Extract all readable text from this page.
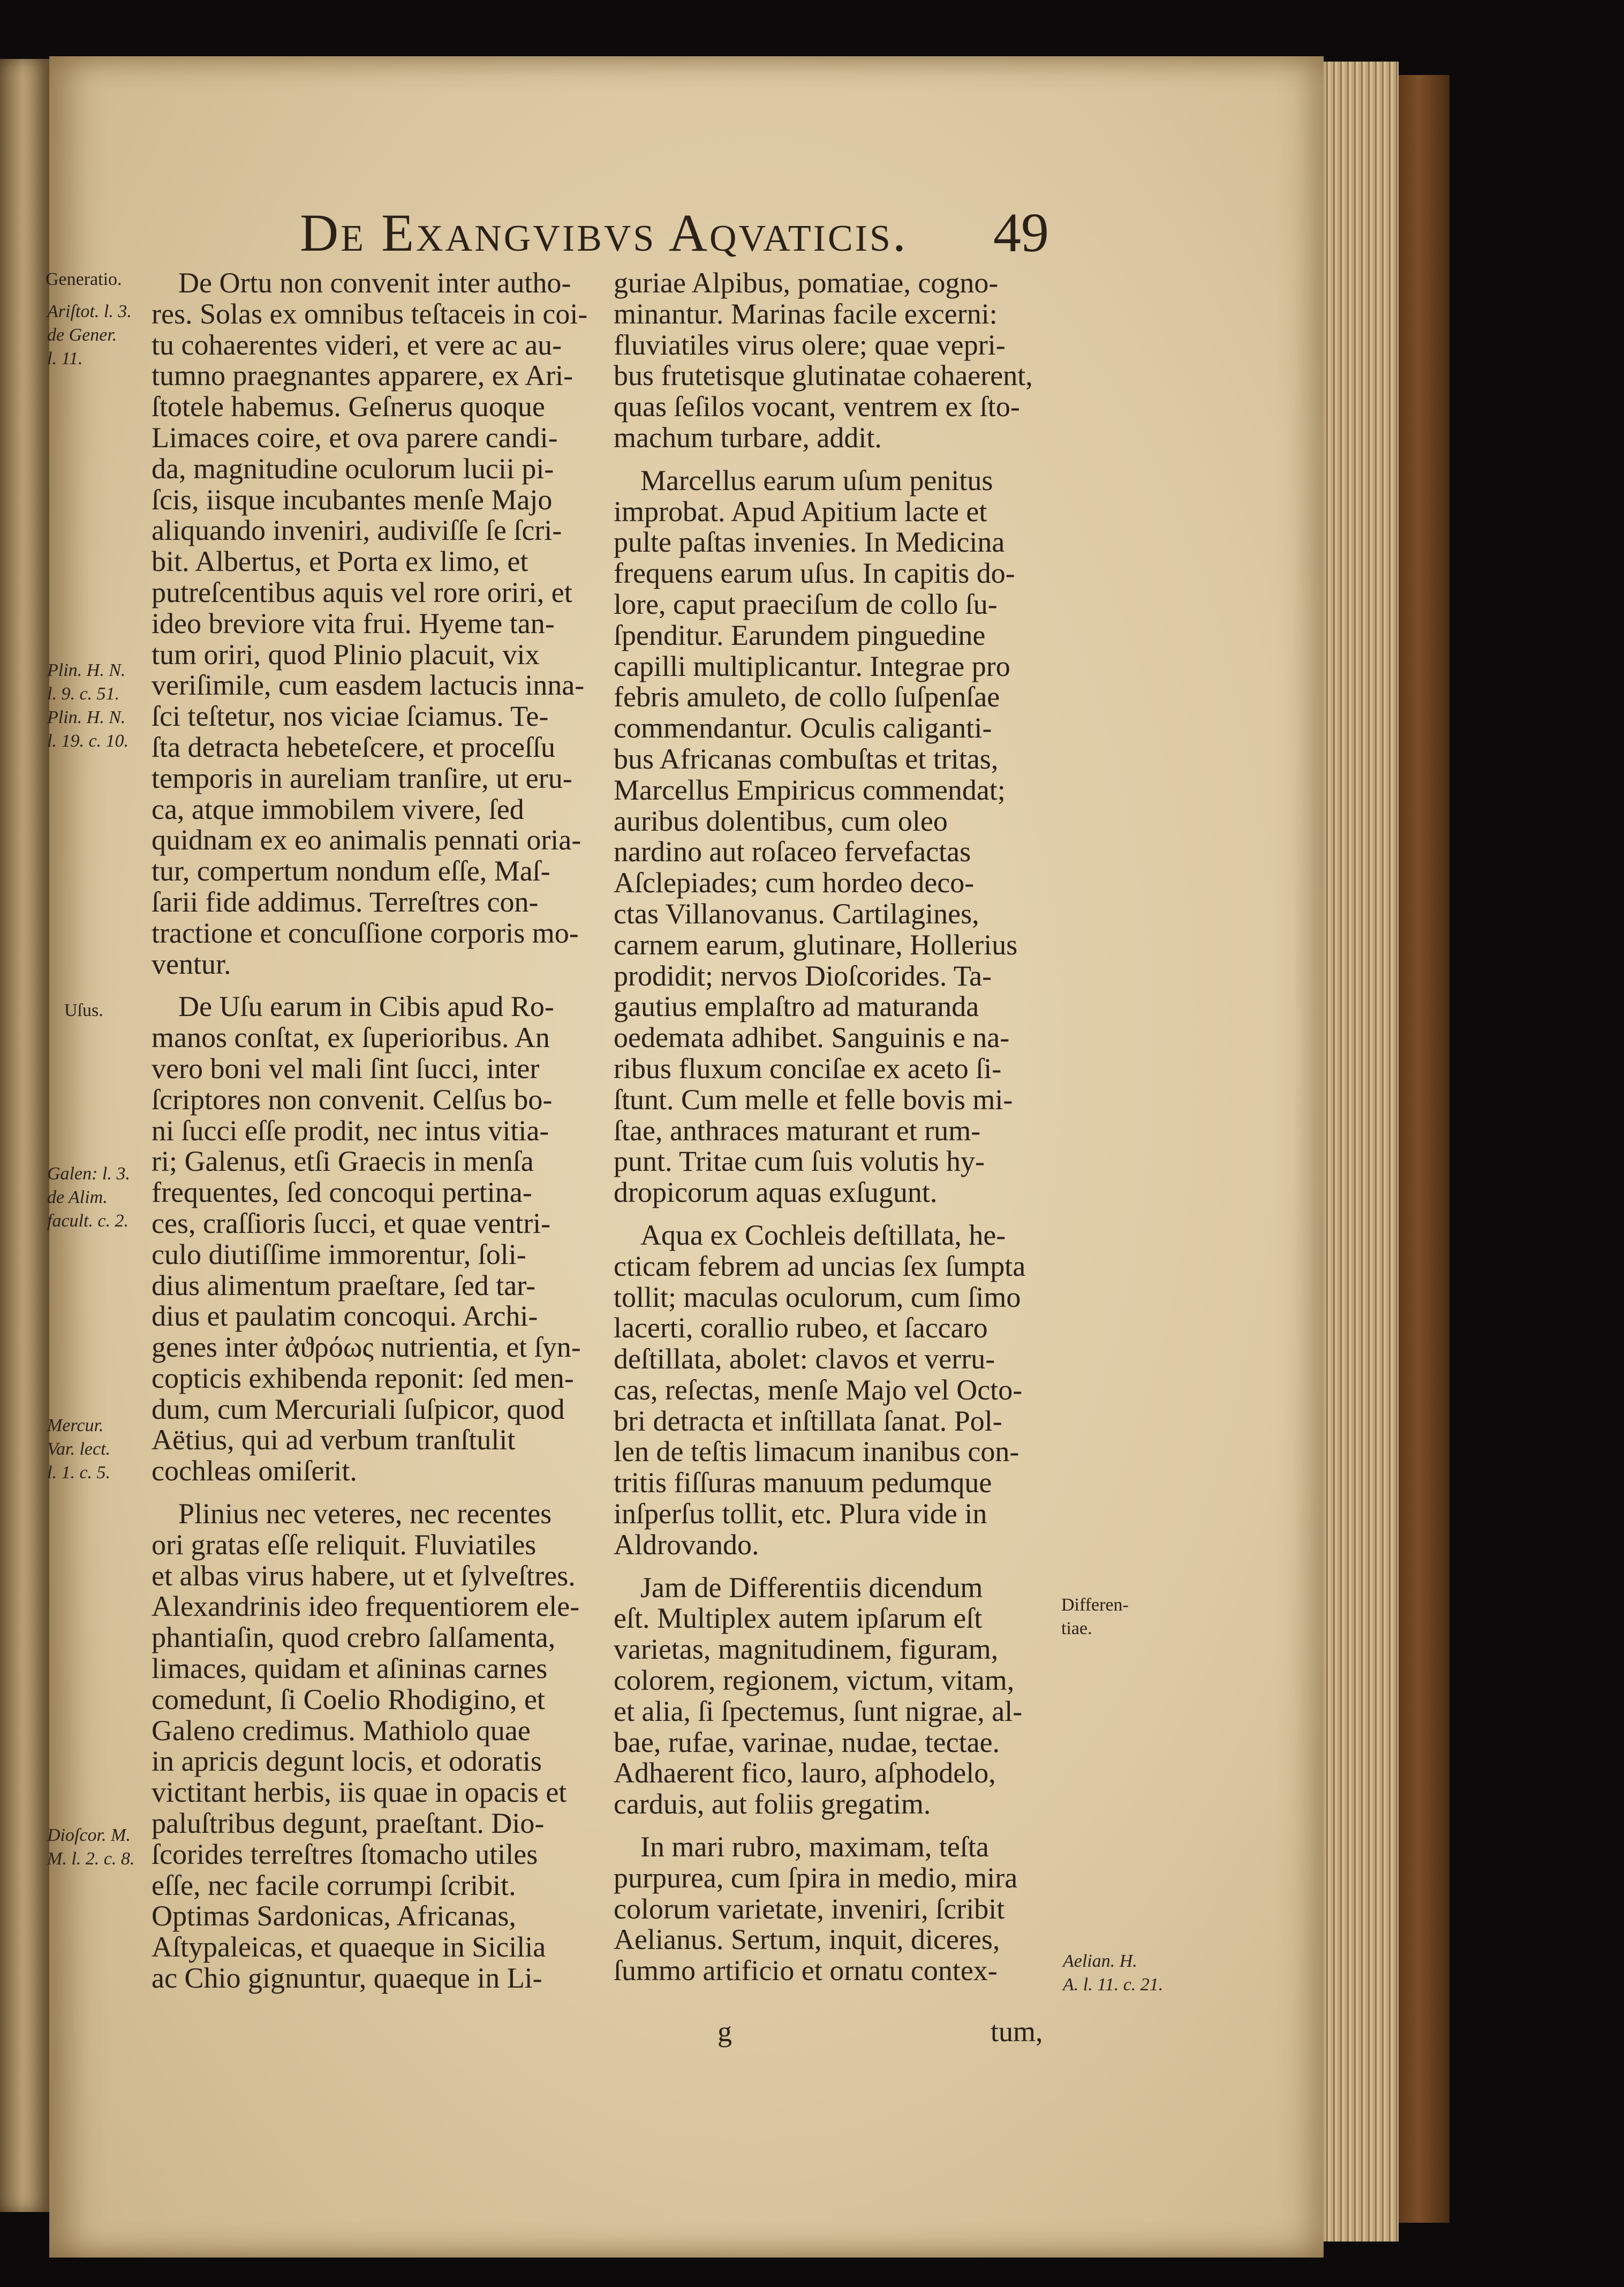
De Exangvibvs Aqvaticis. 49
De Ortu non convenit inter autho-
res. Solas ex omnibus teſtaceis in coi-
tu cohaerentes videri, et vere ac au-
tumno praegnantes apparere, ex Ari-
ſtotele habemus. Geſnerus quoque
Limaces coire, et ova parere candi-
da, magnitudine oculorum lucii pi-
ſcis, iisque incubantes menſe Majo
aliquando inveniri, audiviſſe ſe ſcri-
bit. Albertus, et Porta ex limo, et
putreſcentibus aquis vel rore oriri, et
ideo breviore vita frui. Hyeme tan-
tum oriri, quod Plinio placuit, vix
veriſimile, cum easdem lactucis inna-
ſci teſtetur, nos viciae ſciamus. Te-
ſta detracta hebeteſcere, et proceſſu
temporis in aureliam tranſire, ut eru-
ca, atque immobilem vivere, ſed
quidnam ex eo animalis pennati oria-
tur, compertum nondum eſſe, Maſ-
ſarii fide addimus. Terreſtres con-
tractione et concuſſione corporis mo-
ventur.
De Uſu earum in Cibis apud Ro-
manos conſtat, ex ſuperioribus. An
vero boni vel mali ſint ſucci, inter
ſcriptores non convenit. Celſus bo-
ni ſucci eſſe prodit, nec intus vitia-
ri; Galenus, etſi Graecis in menſa
frequentes, ſed concoqui pertina-
ces, craſſioris ſucci, et quae ventri-
culo diutiſſime immorentur, ſoli-
dius alimentum praeſtare, ſed tar-
dius et paulatim concoqui. Archi-
genes inter ἀϑρόως nutrientia, et ſyn-
copticis exhibenda reponit: ſed men-
dum, cum Mercuriali ſuſpicor, quod
Aëtius, qui ad verbum tranſtulit
cochleas omiſerit.
Plinius nec veteres, nec recentes
ori gratas eſſe reliquit. Fluviatiles
et albas virus habere, ut et ſylveſtres.
Alexandrinis ideo frequentiorem ele-
phantiaſin, quod crebro ſalſamenta,
limaces, quidam et aſininas carnes
comedunt, ſi Coelio Rhodigino, et
Galeno credimus. Mathiolo quae
in apricis degunt locis, et odoratis
victitant herbis, iis quae in opacis et
paluſtribus degunt, praeſtant. Dio-
ſcorides terreſtres ſtomacho utiles
eſſe, nec facile corrumpi ſcribit.
Optimas Sardonicas, Africanas,
Aſtypaleicas, et quaeque in Sicilia
ac Chio gignuntur, quaeque in Li-
guriae Alpibus, pomatiae, cogno-
minantur. Marinas facile excerni:
fluviatiles virus olere; quae vepri-
bus frutetisque glutinatae cohaerent,
quas ſeſilos vocant, ventrem ex ſto-
machum turbare, addit.
Marcellus earum uſum penitus
improbat. Apud Apitium lacte et
pulte paſtas invenies. In Medicina
frequens earum uſus. In capitis do-
lore, caput praeciſum de collo ſu-
ſpenditur. Earundem pinguedine
capilli multiplicantur. Integrae pro
febris amuleto, de collo ſuſpenſae
commendantur. Oculis caliganti-
bus Africanas combuſtas et tritas,
Marcellus Empiricus commendat;
auribus dolentibus, cum oleo
nardino aut roſaceo fervefactas
Aſclepiades; cum hordeo deco-
ctas Villanovanus. Cartilagines,
carnem earum, glutinare, Hollerius
prodidit; nervos Dioſcorides. Ta-
gautius emplaſtro ad maturanda
oedemata adhibet. Sanguinis e na-
ribus fluxum conciſae ex aceto ſi-
ſtunt. Cum melle et felle bovis mi-
ſtae, anthraces maturant et rum-
punt. Tritae cum ſuis volutis hy-
dropicorum aquas exſugunt.
Aqua ex Cochleis deſtillata, he-
cticam febrem ad uncias ſex ſumpta
tollit; maculas oculorum, cum ſimo
lacerti, corallio rubeo, et ſaccaro
deſtillata, abolet: clavos et verru-
cas, reſectas, menſe Majo vel Octo-
bri detracta et inſtillata ſanat. Pol-
len de teſtis limacum inanibus con-
tritis fiſſuras manuum pedumque
inſperſus tollit, etc. Plura vide in
Aldrovando.
Jam de Differentiis dicendum
eſt. Multiplex autem ipſarum eſt
varietas, magnitudinem, figuram,
colorem, regionem, victum, vitam,
et alia, ſi ſpectemus, ſunt nigrae, al-
bae, rufae, varinae, nudae, tectae.
Adhaerent fico, lauro, aſphodelo,
carduis, aut foliis gregatim.
In mari rubro, maximam, teſta
purpurea, cum ſpira in medio, mira
colorum varietate, inveniri, ſcribit
Aelianus. Sertum, inquit, diceres,
ſummo artificio et ornatu contex-
Generatio.
Ariſtot. l. 3.
de Gener.
l. 11.
Plin. H. N.
l. 9. c. 51.
Plin. H. N.
l. 19. c. 10.
Uſus.
Galen: l. 3.
de Alim.
facult. c. 2.
Mercur.
Var. lect.
l. 1. c. 5.
Dioſcor. M.
M. l. 2. c. 8.
Differen-
tiae.
Aelian. H.
A. l. 11. c. 21.
g	tum,
